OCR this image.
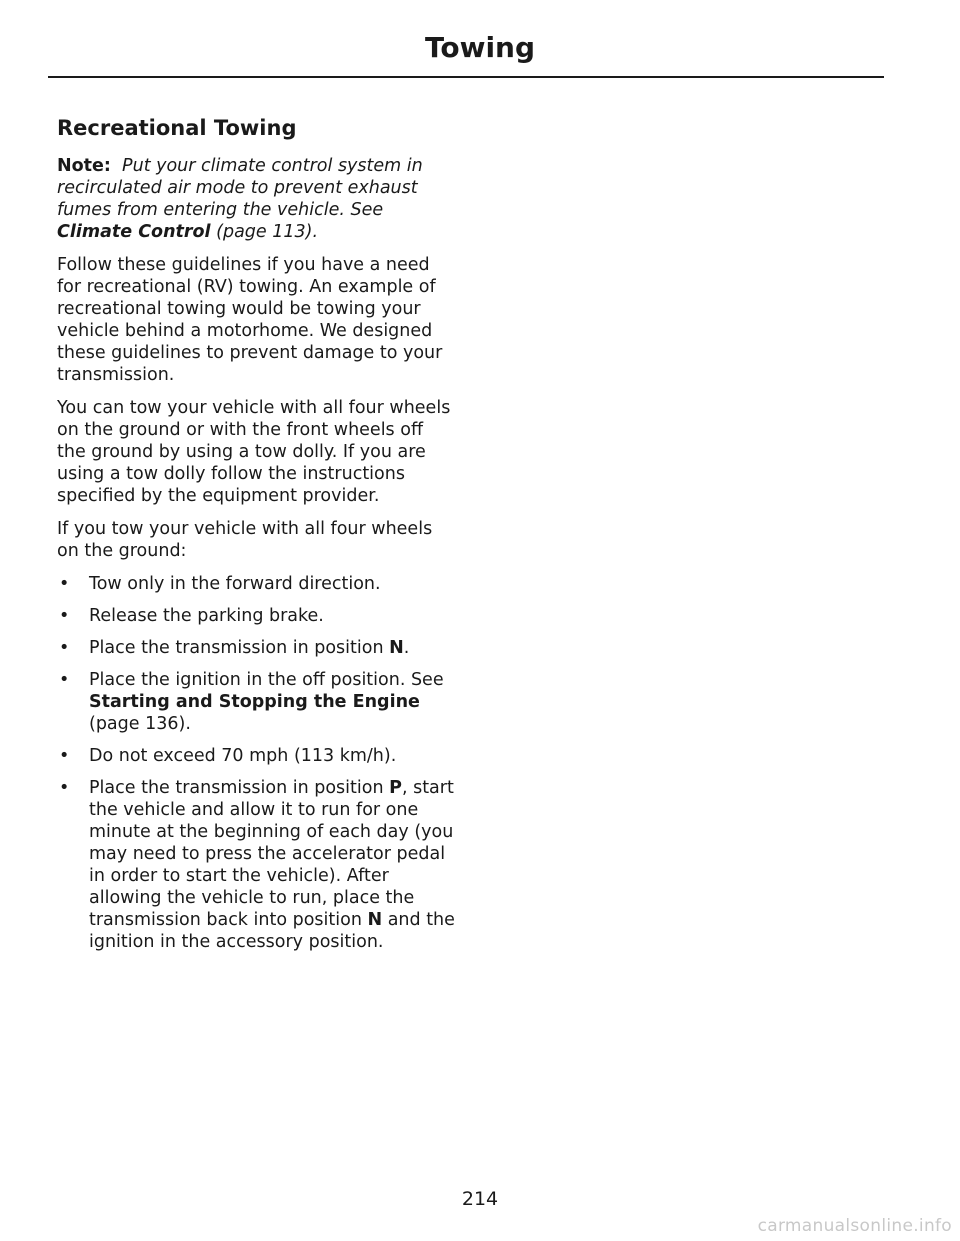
Towing
Recreational Towing

Note: Put your climate control system in recirculated air mode to prevent exhaust fumes from entering the vehicle. See Climate Control (page 113).

Follow these guidelines if you have a need for recreational (RV) towing. An example of recreational towing would be towing your vehicle behind a motorhome. We designed these guidelines to prevent damage to your transmission.

You can tow your vehicle with all four wheels on the ground or with the front wheels off the ground by using a tow dolly. If you are using a tow dolly follow the instructions specified by the equipment provider.

If you tow your vehicle with all four wheels on the ground:

• Tow only in the forward direction.
• Release the parking brake.
• Place the transmission in position N.
• Place the ignition in the off position. See Starting and Stopping the Engine (page 136).
• Do not exceed 70 mph (113 km/h).
• Place the transmission in position P, start the vehicle and allow it to run for one minute at the beginning of each day (you may need to press the accelerator pedal in order to start the vehicle). After allowing the vehicle to run, place the transmission back into position N and the ignition in the accessory position.
214
carmanualsonline.info
